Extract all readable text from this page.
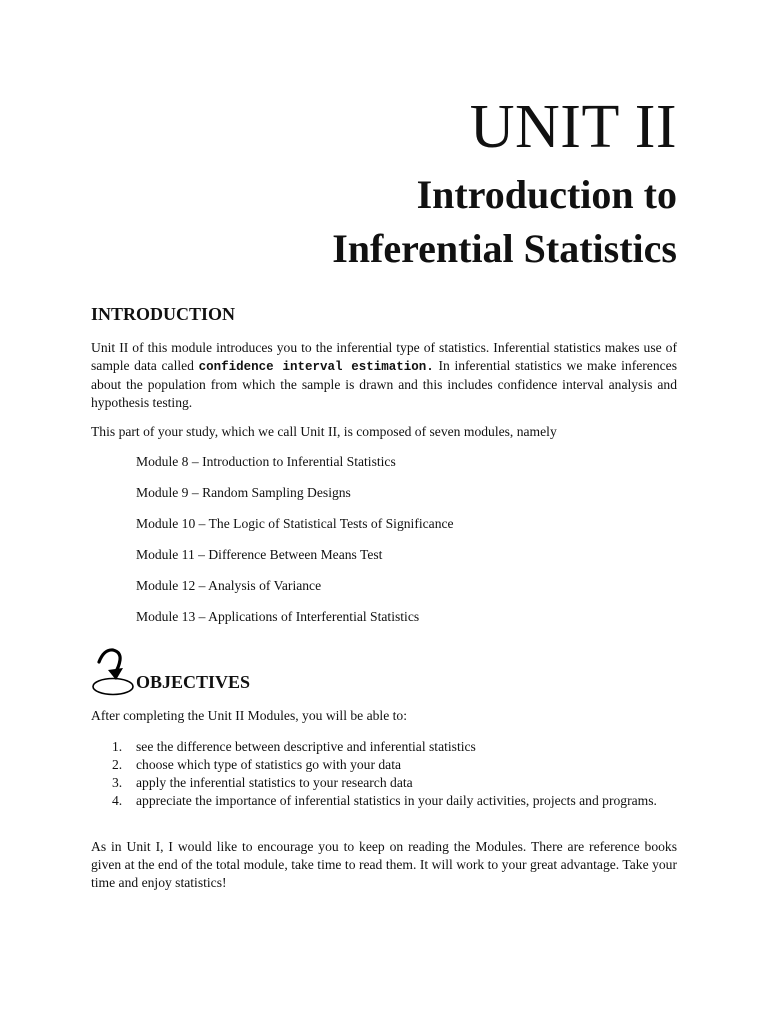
UNIT II
Introduction to
Inferential Statistics
INTRODUCTION

Unit II of this module introduces you to the inferential type of statistics. Inferential statistics makes use of sample data called confidence interval estimation. In inferential statistics we make inferences about the population from which the sample is drawn and this includes confidence interval analysis and hypothesis testing.

This part of your study, which we call Unit II, is composed of seven modules, namely

Module 8 – Introduction to Inferential Statistics
Module 9 – Random Sampling Designs
Module 10 – The Logic of Statistical Tests of Significance
Module 11 – Difference Between Means Test
Module 12 – Analysis of Variance
Module 13 – Applications of Interferential Statistics
OBJECTIVES

After completing the Unit II Modules, you will be able to:

1. see the difference between descriptive and inferential statistics
2. choose which type of statistics go with your data
3. apply the inferential statistics to your research data
4. appreciate the importance of inferential statistics in your daily activities, projects and programs.

As in Unit I, I would like to encourage you to keep on reading the Modules. There are reference books given at the end of the total module, take time to read them. It will work to your great advantage. Take your time and enjoy statistics!
